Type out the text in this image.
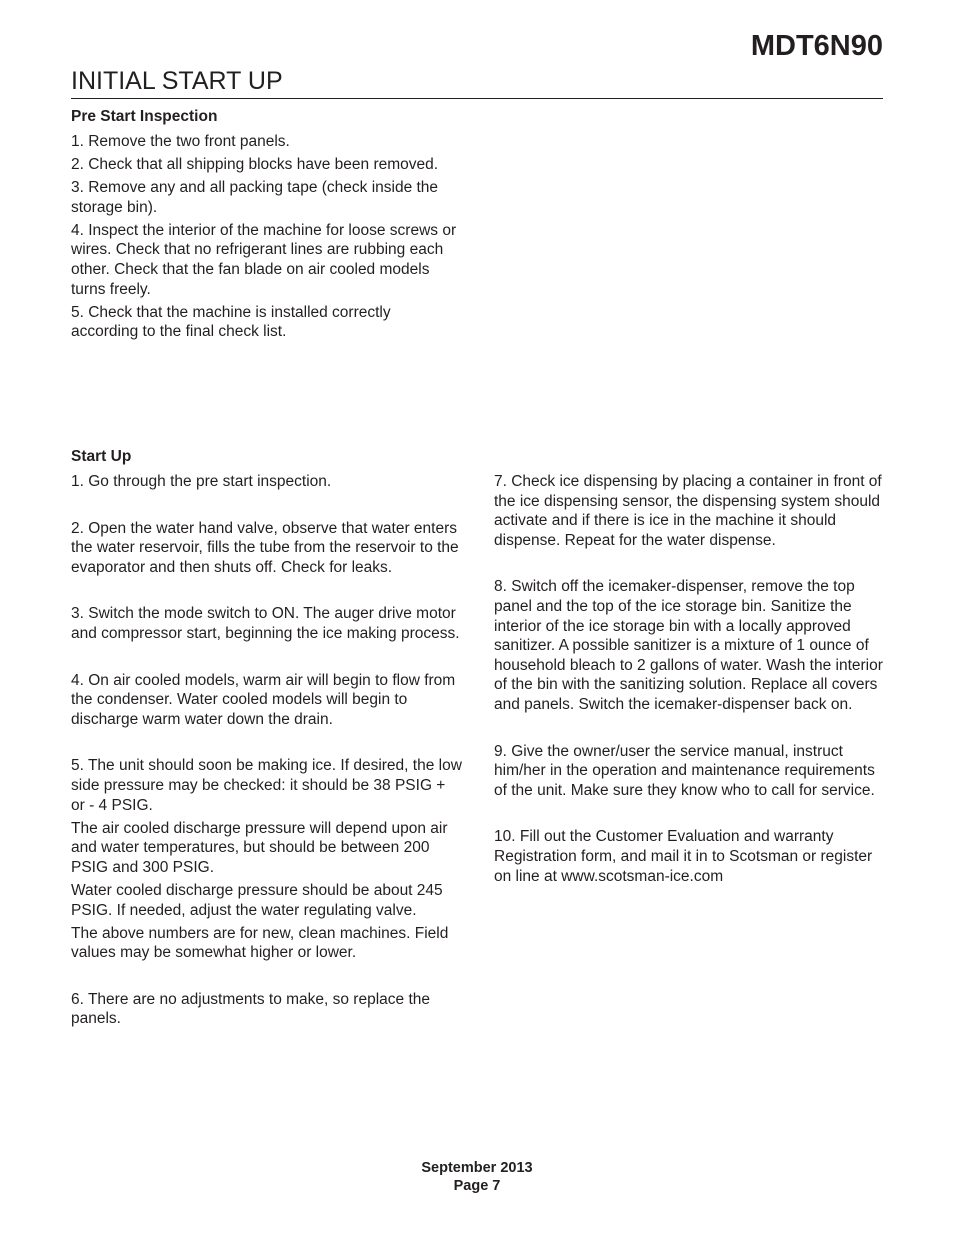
MDT6N90
INITIAL START UP
Pre Start Inspection

1. Remove the two front panels.

2. Check that all shipping blocks have been removed.

3. Remove any and all packing tape (check inside the storage bin).

4. Inspect the interior of the machine for loose screws or wires. Check that no refrigerant lines are rubbing each other. Check that the fan blade on air cooled models turns freely.

5. Check that the machine is installed correctly according to the final check list.

Start Up

1. Go through the pre start inspection.

2. Open the water hand valve, observe that water enters the water reservoir, fills the tube from the reservoir to the evaporator and then shuts off. Check for leaks.

3. Switch the mode switch to ON. The auger drive motor and compressor start, beginning the ice making process.

4. On air cooled models, warm air will begin to flow from the condenser. Water cooled models will begin to discharge warm water down the drain.

5. The unit should soon be making ice. If desired, the low side pressure may be checked: it should be 38 PSIG + or - 4 PSIG.

The air cooled discharge pressure will depend upon air and water temperatures, but should be between 200 PSIG and 300 PSIG.

Water cooled discharge pressure should be about 245 PSIG. If needed, adjust the water regulating valve.

The above numbers are for new, clean machines. Field values may be somewhat higher or lower.

6. There are no adjustments to make, so replace the panels.

7. Check ice dispensing by placing a container in front of the ice dispensing sensor, the dispensing system should activate and if there is ice in the machine it should dispense. Repeat for the water dispense.

8. Switch off the icemaker-dispenser, remove the top panel and the top of the ice storage bin. Sanitize the interior of the ice storage bin with a locally approved sanitizer. A possible sanitizer is a mixture of 1 ounce of household bleach to 2 gallons of water. Wash the interior of the bin with the sanitizing solution. Replace all covers and panels. Switch the icemaker-dispenser back on.

9. Give the owner/user the service manual, instruct him/her in the operation and maintenance requirements of the unit. Make sure they know who to call for service.

10. Fill out the Customer Evaluation and warranty Registration form, and mail it in to Scotsman or register on line at www.scotsman-ice.com

September 2013
Page 7
